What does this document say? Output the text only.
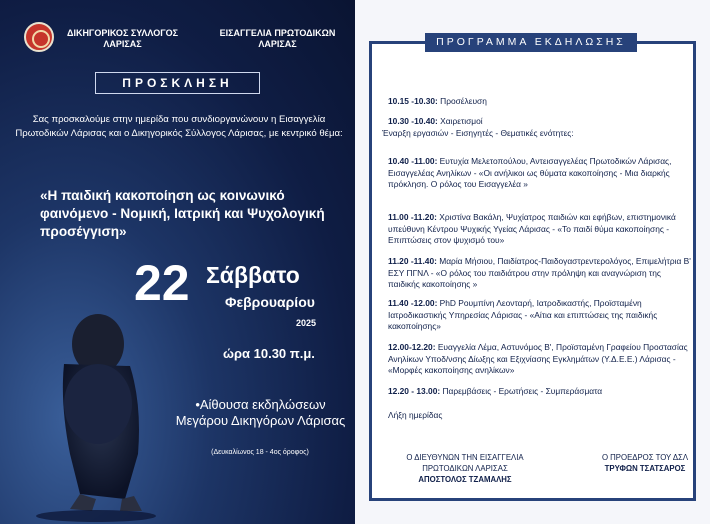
ΔΙΚΗΓΟΡΙΚΟΣ ΣΥΛΛΟΓΟΣ ΛΑΡΙΣΑΣ
ΕΙΣΑΓΓΕΛΙΑ ΠΡΩΤΟΔΙΚΩΝ ΛΑΡΙΣΑΣ
ΠΡΟΣΚΛΗΣΗ
Σας προσκαλούμε στην ημερίδα που συνδιοργανώνουν η Εισαγγελία Πρωτοδικών Λάρισας και ο Δικηγορικός Σύλλογος Λάρισας, με κεντρικό θέμα:
«Η παιδική κακοποίηση ως κοινωνικό φαινόμενο - Νομική, Ιατρική και Ψυχολογική προσέγγιση»
22 Σάββατο
Φεβρουαρίου
2025
ώρα 10.30 π.μ.
•Αίθουσα εκδηλώσεων Μεγάρου Δικηγόρων Λάρισας
(Δευκαλίωνος 18 - 4ος όροφος)
ΠΡΟΓΡΑΜΜΑ ΕΚΔΗΛΩΣΗΣ
10.15 -10.30: Προσέλευση
10.30 -10.40: Χαιρετισμοί
Έναρξη εργασιών - Εισηγητές - Θεματικές ενότητες:
10.40 -11.00: Ευτυχία Μελετοπούλου, Αντεισαγγελέας Πρωτοδικών Λάρισας, Εισαγγελέας Ανηλίκων - «Οι ανήλικοι ως θύματα κακοποίησης - Μια διαρκής πρόκληση. Ο ρόλος του Εισαγγελέα »
11.00 -11.20: Χριστίνα Βακάλη, Ψυχίατρος παιδιών και εφήβων, επιστημονικά υπεύθυνη Κέντρου Ψυχικής Υγείας Λάρισας - «Το παιδί θύμα κακοποίησης - Επιπτώσεις στον ψυχισμό του»
11.20 -11.40: Μαρία Μήσιου, Παιδίατρος-Παιδογαστρεντερολόγος, Επιμελήτρια Β' ΕΣΥ ΠΓΝΛ - «Ο ρόλος του παιδιάτρου στην πρόληψη και αναγνώριση της παιδικής κακοποίησης »
11.40 -12.00: PhD Ρουμπίνη Λεονταρή, Ιατροδικαστής, Προϊσταμένη Ιατροδικαστικής Υπηρεσίας Λάρισας - «Αίτια και επιπτώσεις της παιδικής κακοποίησης»
12.00-12.20: Ευαγγελία Λέμα, Αστυνόμος Β', Προϊσταμένη Γραφείου Προστασίας Ανηλίκων Υποδ/νσης Δίωξης και Εξιχνίασης Εγκλημάτων (Υ.Δ.Ε.Ε.) Λάρισας - «Μορφές κακοποίησης ανηλίκων»
12.20 - 13.00: Παρεμβάσεις - Ερωτήσεις - Συμπεράσματα
Λήξη ημερίδας
Ο ΔΙΕΥΘΥΝΩΝ ΤΗΝ ΕΙΣΑΓΓΕΛΙΑ ΠΡΩΤΟΔΙΚΩΝ ΛΑΡΙΣΑΣ
ΑΠΟΣΤΟΛΟΣ ΤΖΑΜΑΛΗΣ
Ο ΠΡΟΕΔΡΟΣ ΤΟΥ ΔΣΛ
ΤΡΥΦΩΝ ΤΣΑΤΣΑΡΟΣ
